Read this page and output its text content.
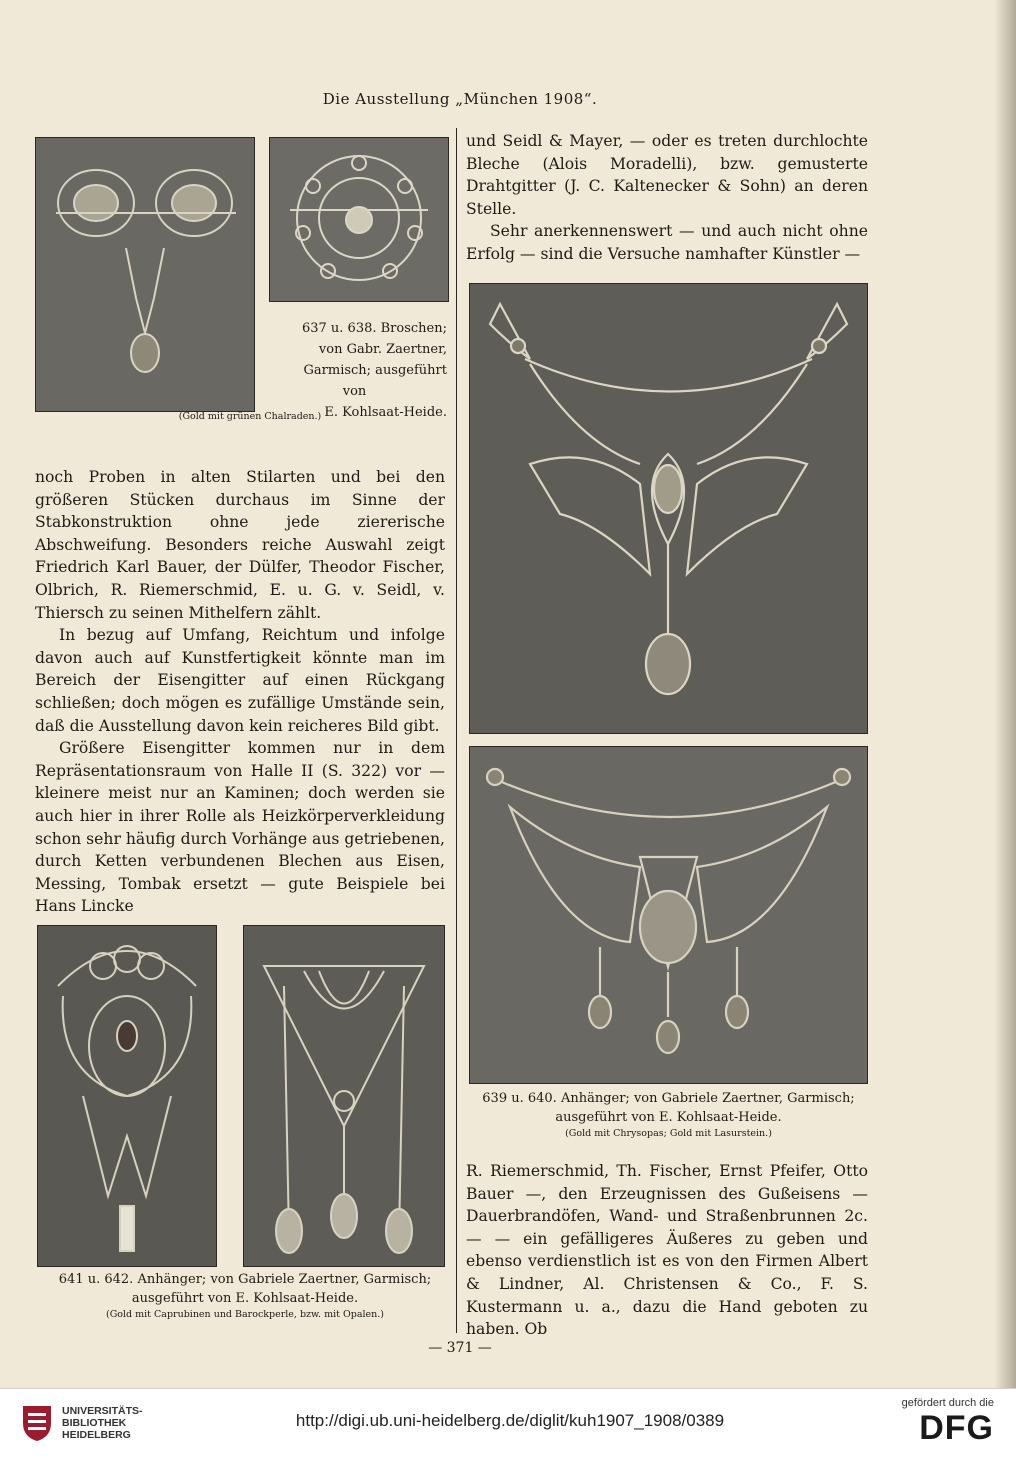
Die Ausstellung „München 1908“.
637 u. 638. Broschen;
von Gabr. Zaertner,
Garmisch; ausgeführt
von
E. Kohlsaat-Heide.
(Gold mit grünen Chalraden.)

noch Proben in alten Stilarten und bei den größeren Stücken durchaus im Sinne der Stabkonstruktion ohne jede ziererische Abschweifung. Besonders reiche Auswahl zeigt Friedrich Karl Bauer, der Dülfer, Theodor Fischer, Olbrich, R. Riemerschmid, E. u. G. v. Seidl, v. Thiersch zu seinen Mithelfern zählt.

In bezug auf Umfang, Reichtum und infolge davon auch auf Kunstfertigkeit könnte man im Bereich der Eisengitter auf einen Rückgang schließen; doch mögen es zufällige Umstände sein, daß die Ausstellung davon kein reicheres Bild gibt.

Größere Eisengitter kommen nur in dem Repräsentationsraum von Halle II (S. 322) vor — kleinere meist nur an Kaminen; doch werden sie auch hier in ihrer Rolle als Heizkörperverkleidung schon sehr häufig durch Vorhänge aus getriebenen, durch Ketten verbundenen Blechen aus Eisen, Messing, Tombak ersetzt — gute Beispiele bei Hans Lincke

641 u. 642. Anhänger; von Gabriele Zaertner, Garmisch;
ausgeführt von E. Kohlsaat-Heide.
(Gold mit Caprubinen und Barockperle, bzw. mit Opalen.)

und Seidl & Mayer, — oder es treten durchlochte Bleche (Alois Moradelli), bzw. gemusterte Drahtgitter (J. C. Kaltenecker & Sohn) an deren Stelle.

Sehr anerkennenswert — und auch nicht ohne Erfolg — sind die Versuche namhafter Künstler —

639 u. 640. Anhänger; von Gabriele Zaertner, Garmisch;
ausgeführt von E. Kohlsaat-Heide.
(Gold mit Chrysopas; Gold mit Lasurstein.)

R. Riemerschmid, Th. Fischer, Ernst Pfeifer, Otto Bauer —, den Erzeugnissen des Gußeisens — Dauerbrandöfen, Wand- und Straßenbrunnen 2c. — — ein gefälligeres Äußeres zu geben und ebenso verdienstlich ist es von den Firmen Albert & Lindner, Al. Christensen & Co., F. S. Kustermann u. a., dazu die Hand geboten zu haben. Ob

— 371 —
UNIVERSITÄTS-
BIBLIOTHEK
HEIDELBERG
http://digi.ub.uni-heidelberg.de/diglit/kuh1907_1908/0389
gefördert durch die
DFG
